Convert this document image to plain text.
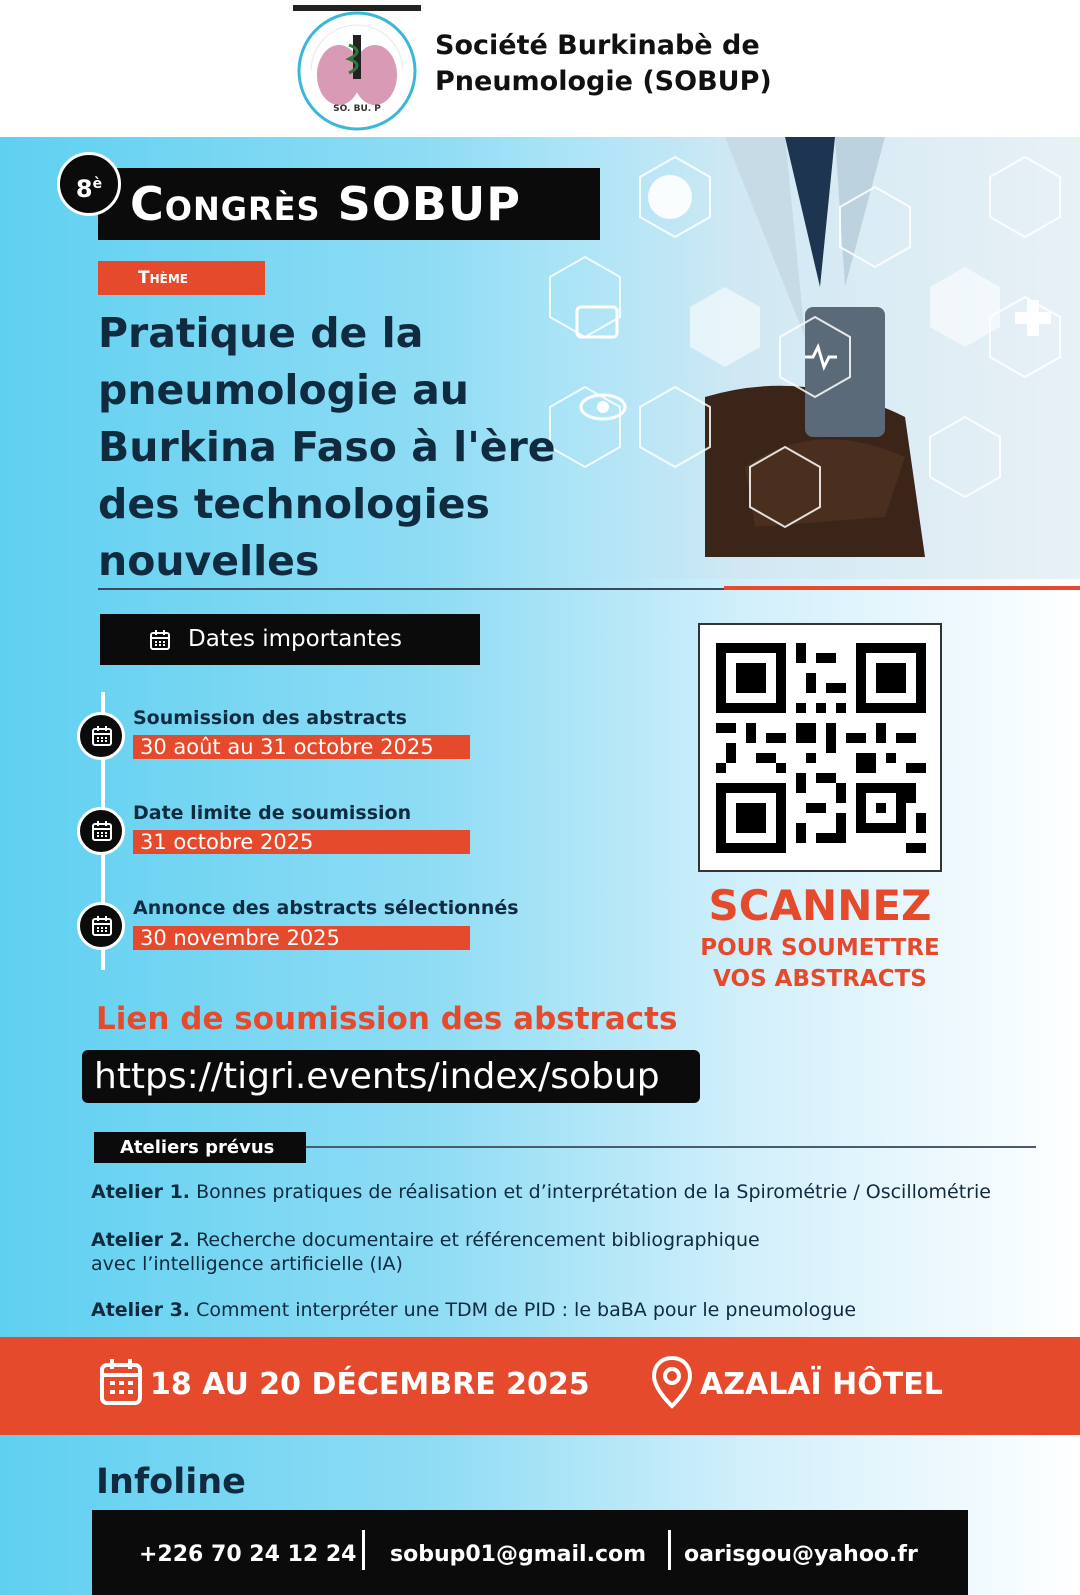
SO. BU. P
Société Burkinabè de
Pneumologie (SOBUP)
Congrès SOBUP
$8^è$
Thème
Pratique de la
pneumologie au
Burkina Faso à l'ère
des technologies
nouvelles
Dates importantes
Soumission des abstracts
30 août au 31 octobre 2025
Date limite de soumission
31 octobre 2025
Annonce des abstracts sélectionnés
30 novembre 2025
SCANNEZ
POUR SOUMETTRE
VOS ABSTRACTS
Lien de soumission des abstracts
https://tigri.events/index/sobup
Ateliers prévus
Atelier 1. Bonnes pratiques de réalisation et d’interprétation de la Spirométrie / Oscillométrie
Atelier 2. Recherche documentaire et référencement bibliographique
avec l’intelligence artificielle (IA)
Atelier 3. Comment interpréter une TDM de PID : le baBA pour le pneumologue
18 AU 20 DÉCEMBRE 2025	AZALAÏ HÔTEL
Infoline
+226 70 24 12 24 sobup01@gmail.com oarisgou@yahoo.fr
